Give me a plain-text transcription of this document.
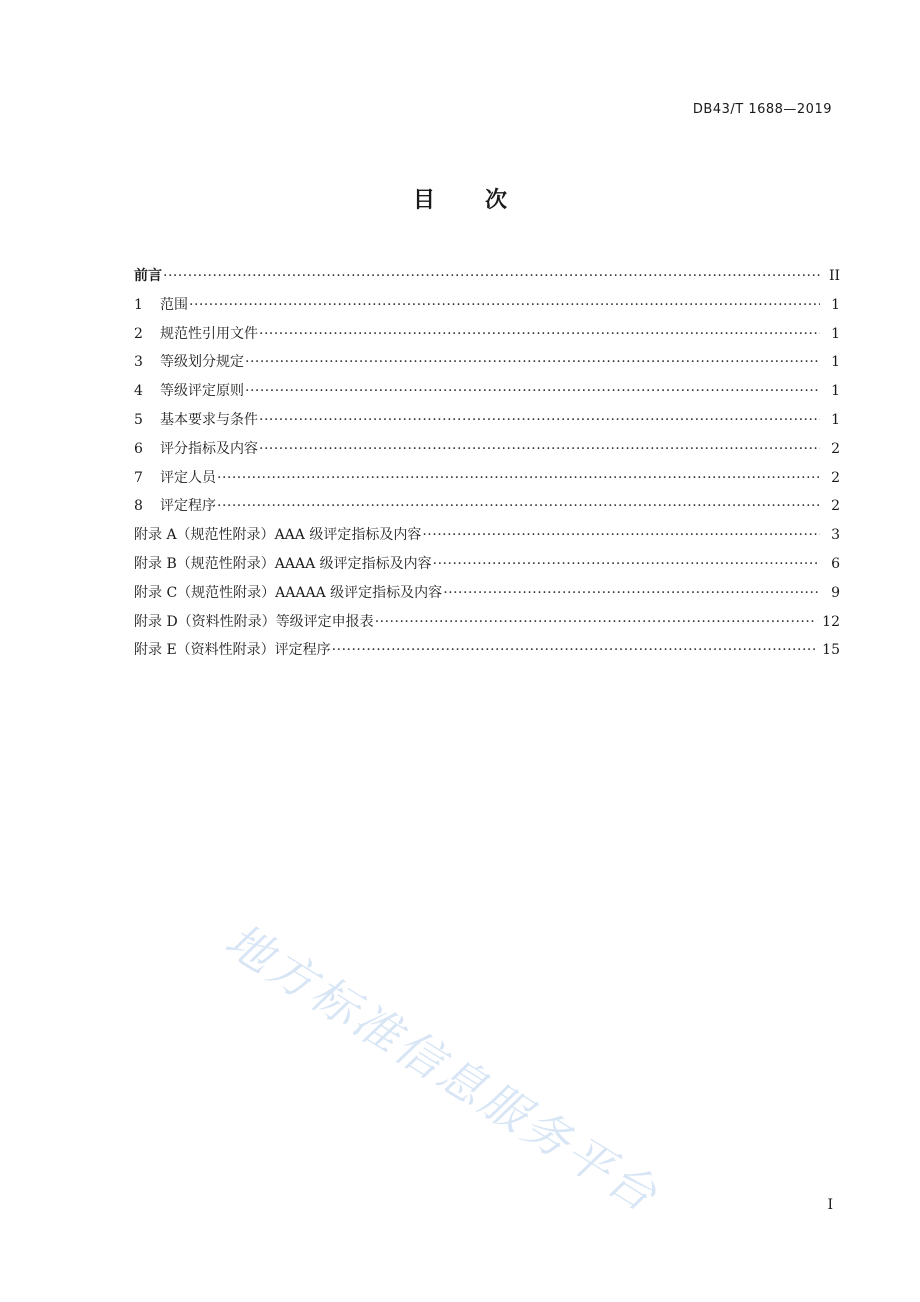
DB43/T 1688—2019
目 次
前言 ·····	II
1	范围 ·····	1
2	规范性引用文件 ·····	1
3	等级划分规定 ·····	1
4	等级评定原则 ·····	1
5	基本要求与条件 ·····	1
6	评分指标及内容 ·····	2
7	评定人员 ·····	2
8	评定程序 ·····	2
附录 A（规范性附录） AAA 级评定指标及内容 ·····	3
附录 B（规范性附录） AAAA 级评定指标及内容 ·····	6
附录 C（规范性附录） AAAAA 级评定指标及内容 ·····	9
附录 D（资料性附录） 等级评定申报表 ·····	12
附录 E（资料性附录） 评定程序 ·····	15
地方标准信息服务平台	I
